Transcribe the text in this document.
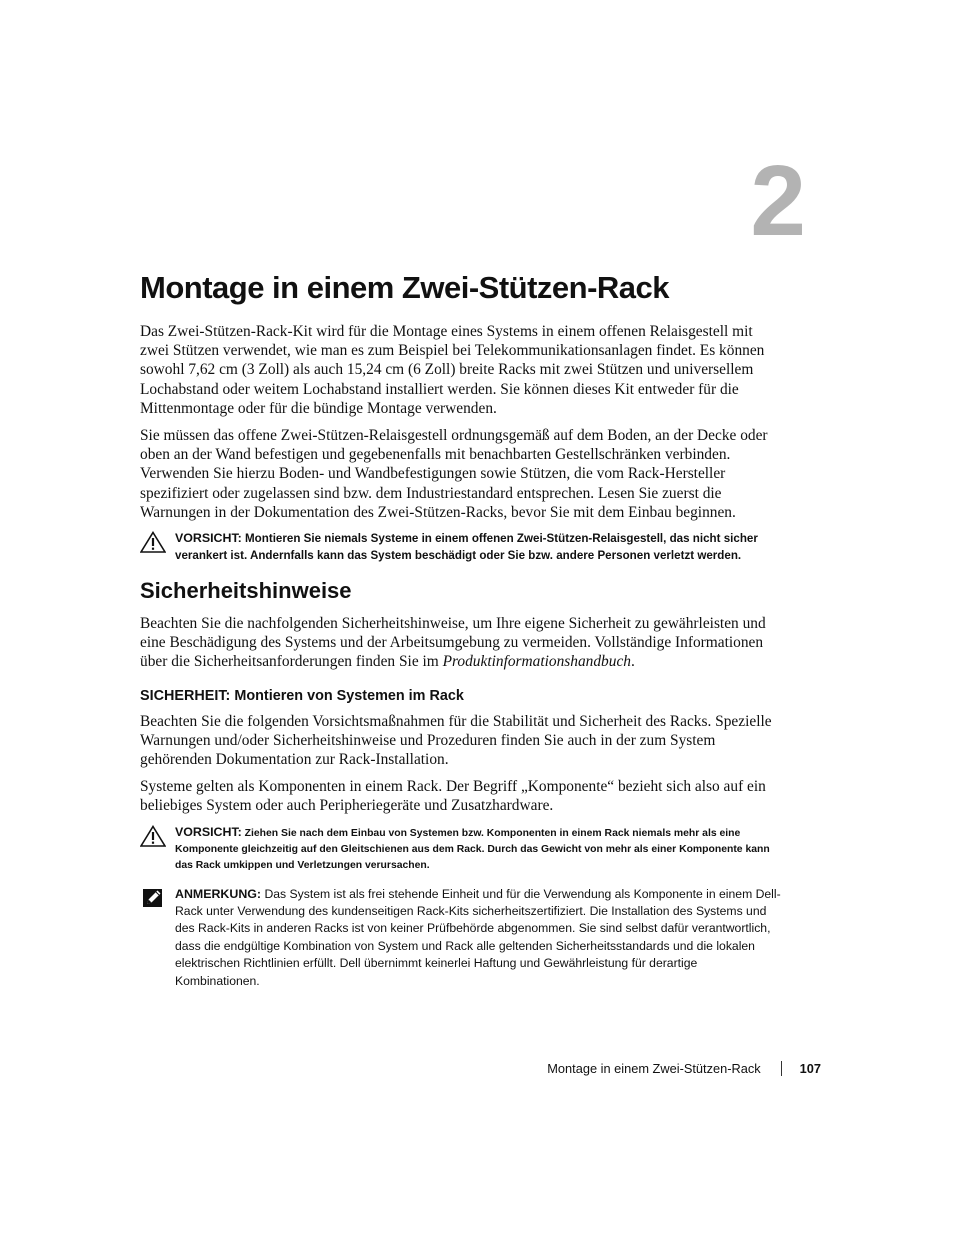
2
Montage in einem Zwei-Stützen-Rack

Das Zwei-Stützen-Rack-Kit wird für die Montage eines Systems in einem offenen Relaisgestell mit zwei Stützen verwendet, wie man es zum Beispiel bei Telekommunikationsanlagen findet. Es können sowohl 7,62 cm (3 Zoll) als auch 15,24 cm (6 Zoll) breite Racks mit zwei Stützen und universellem Lochabstand oder weitem Lochabstand installiert werden. Sie können dieses Kit entweder für die Mittenmontage oder für die bündige Montage verwenden.

Sie müssen das offene Zwei-Stützen-Relaisgestell ordnungsgemäß auf dem Boden, an der Decke oder oben an der Wand befestigen und gegebenenfalls mit benachbarten Gestellschränken verbinden. Verwenden Sie hierzu Boden- und Wandbefestigungen sowie Stützen, die vom Rack-Hersteller spezifiziert oder zugelassen sind bzw. dem Industriestandard entsprechen. Lesen Sie zuerst die Warnungen in der Dokumentation des Zwei-Stützen-Racks, bevor Sie mit dem Einbau beginnen.

VORSICHT: Montieren Sie niemals Systeme in einem offenen Zwei-Stützen-Relaisgestell, das nicht sicher verankert ist. Andernfalls kann das System beschädigt oder Sie bzw. andere Personen verletzt werden.
Sicherheitshinweise

Beachten Sie die nachfolgenden Sicherheitshinweise, um Ihre eigene Sicherheit zu gewährleisten und eine Beschädigung des Systems und der Arbeitsumgebung zu vermeiden. Vollständige Informationen über die Sicherheitsanforderungen finden Sie im Produktinformationshandbuch.

SICHERHEIT: Montieren von Systemen im Rack

Beachten Sie die folgenden Vorsichtsmaßnahmen für die Stabilität und Sicherheit des Racks. Spezielle Warnungen und/oder Sicherheitshinweise und Prozeduren finden Sie auch in der zum System gehörenden Dokumentation zur Rack-Installation.

Systeme gelten als Komponenten in einem Rack. Der Begriff „Komponente“ bezieht sich also auf ein beliebiges System oder auch Peripheriegeräte und Zusatzhardware.

VORSICHT: Ziehen Sie nach dem Einbau von Systemen bzw. Komponenten in einem Rack niemals mehr als eine Komponente gleichzeitig auf den Gleitschienen aus dem Rack. Durch das Gewicht von mehr als einer Komponente kann das Rack umkippen und Verletzungen verursachen.
ANMERKUNG: Das System ist als frei stehende Einheit und für die Verwendung als Komponente in einem Dell-Rack unter Verwendung des kundenseitigen Rack-Kits sicherheitszertifiziert. Die Installation des Systems und des Rack-Kits in anderen Racks ist von keiner Prüfbehörde abgenommen. Sie sind selbst dafür verantwortlich, dass die endgültige Kombination von System und Rack alle geltenden Sicherheitsstandards und die lokalen elektrischen Richtlinien erfüllt. Dell übernimmt keinerlei Haftung und Gewährleistung für derartige Kombinationen.
Montage in einem Zwei-Stützen-Rack	107
